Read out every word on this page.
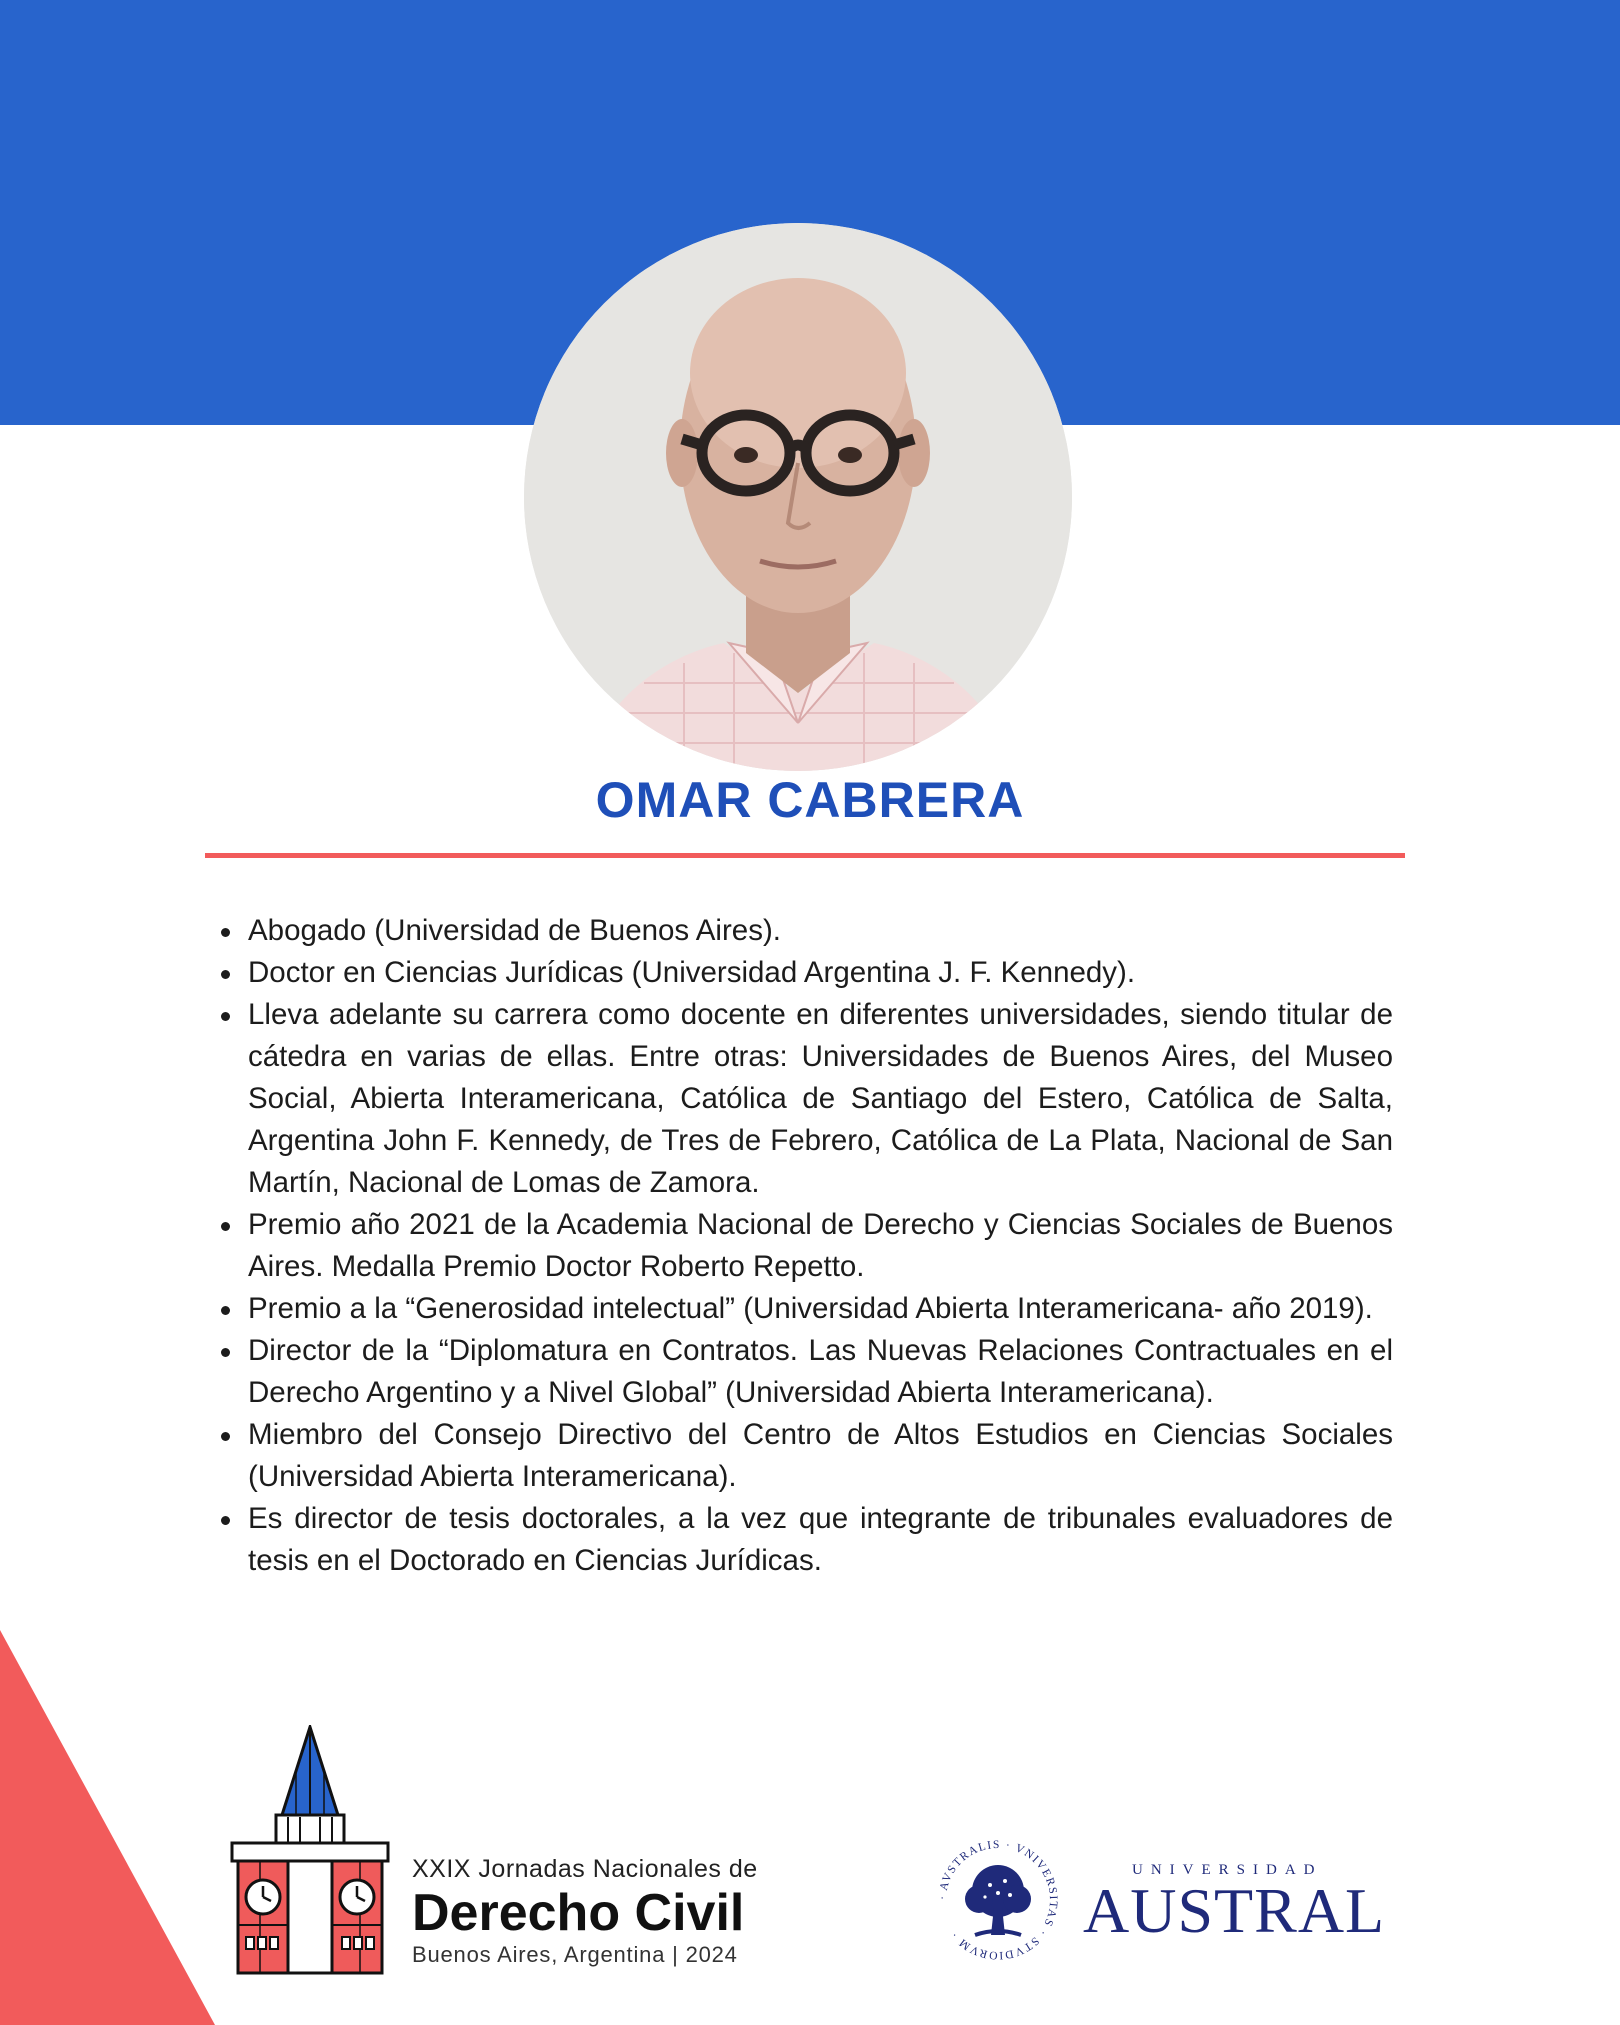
OMAR CABRERA
Abogado (Universidad de Buenos Aires).
Doctor en Ciencias Jurídicas (Universidad Argentina J. F. Kennedy).
Lleva adelante su carrera como docente en diferentes universidades, siendo titular de cátedra en varias de ellas. Entre otras: Universidades de Buenos Aires, del Museo Social, Abierta Interamericana, Católica de Santiago del Estero, Católica de Salta, Argentina John F. Kennedy, de Tres de Febrero, Católica de La Plata, Nacional de San Martín, Nacional de Lomas de Zamora.
Premio año 2021 de la Academia Nacional de Derecho y Ciencias Sociales de Buenos Aires. Medalla Premio Doctor Roberto Repetto.
Premio a la “Generosidad intelectual” (Universidad Abierta Interamericana- año 2019).
Director de la “Diplomatura en Contratos. Las Nuevas Relaciones Contractuales en el Derecho Argentino y a Nivel Global” (Universidad Abierta Interamericana).
Miembro del Consejo Directivo del Centro de Altos Estudios en Ciencias Sociales (Universidad Abierta Interamericana).
Es director de tesis doctorales, a la vez que integrante de tribunales evaluadores de tesis en el Doctorado en Ciencias Jurídicas.
XXIX Jornadas Nacionales de
Derecho Civil
Buenos Aires, Argentina | 2024
· AVSTRALIS · VNIVERSITAS · STVDIORVM ·
UNIVERSIDAD
AUSTRAL
